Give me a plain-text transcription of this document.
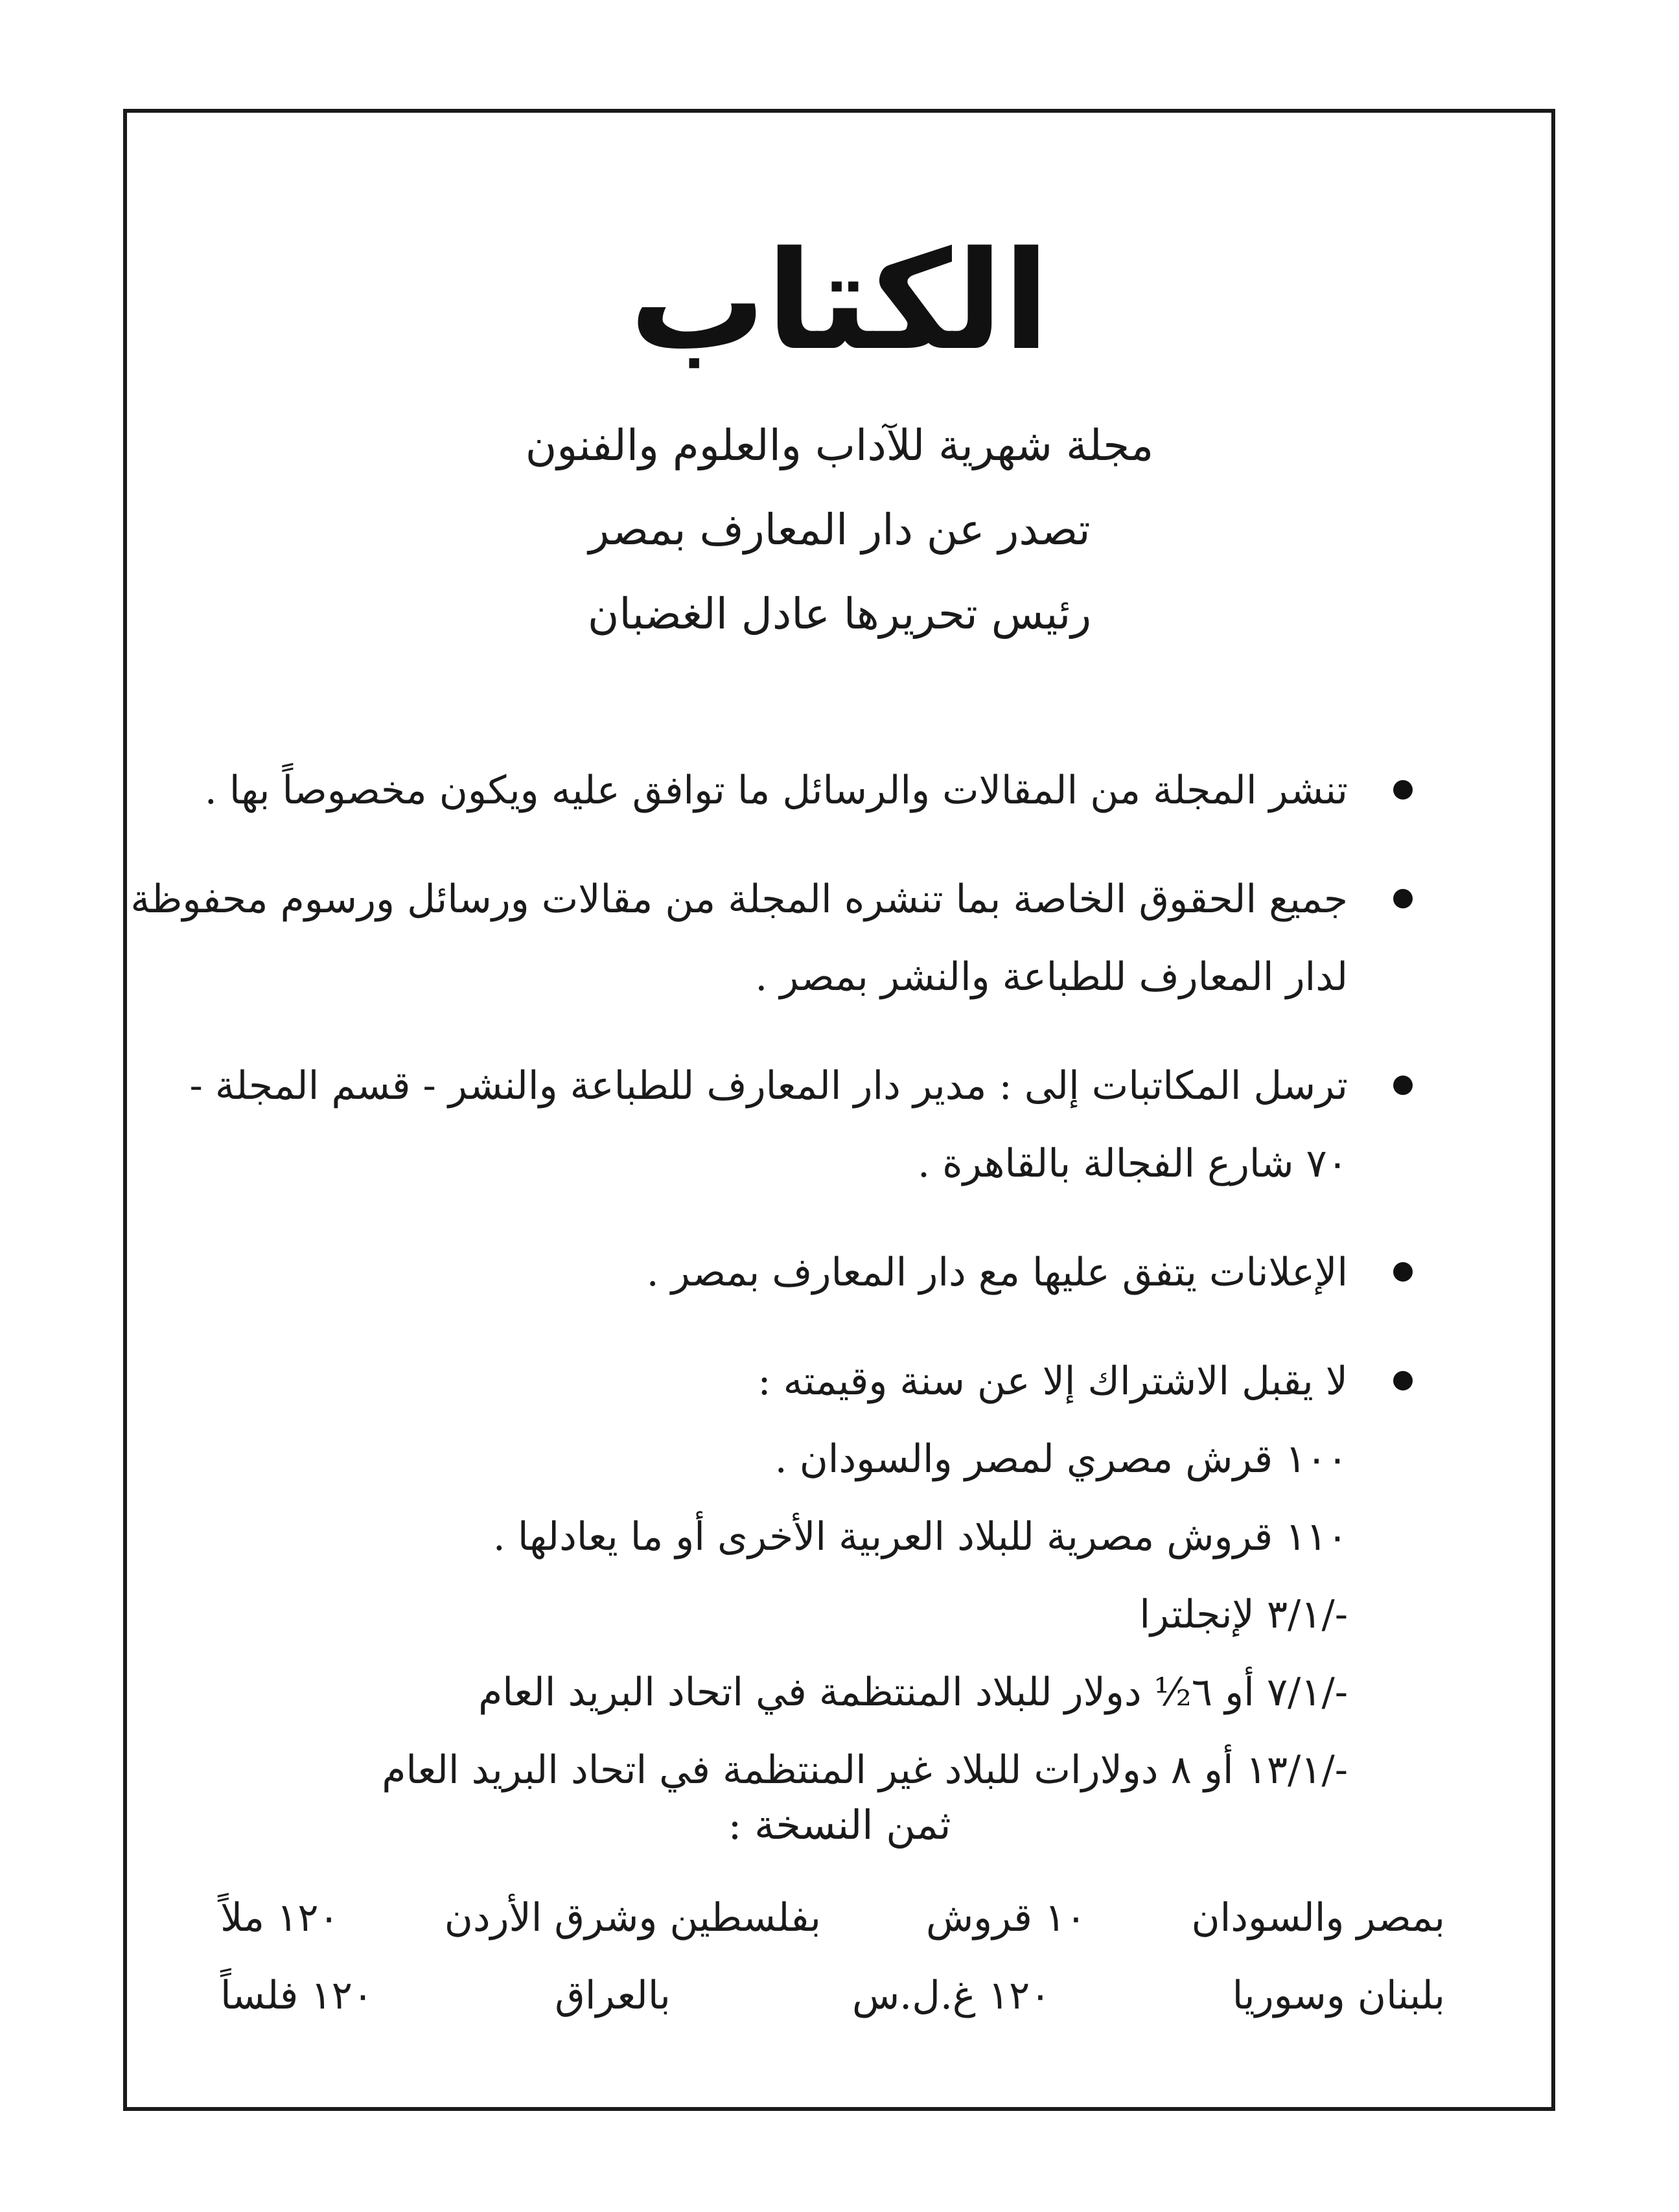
الكتاب
مجلة شهرية للآداب والعلوم والفنون
تصدر عن دار المعارف بمصر
رئيس تحريرها عادل الغضبان
تنشر المجلة من المقالات والرسائل ما توافق عليه ويكون مخصوصاً بها .
جميع الحقوق الخاصة بما تنشره المجلة من مقالات ورسائل ورسوم محفوظة
لدار المعارف للطباعة والنشر بمصر .
ترسل المكاتبات إلى : مدير دار المعارف للطباعة والنشر - قسم المجلة -
٧٠ شارع الفجالة بالقاهرة .
الإعلانات يتفق عليها مع دار المعارف بمصر .
لا يقبل الاشتراك إلا عن سنة وقيمته :
١٠٠ قرش مصري لمصر والسودان .
١١٠ قروش مصرية للبلاد العربية الأخرى أو ما يعادلها .
-/٣/١ لإنجلترا
-/٧/١ أو ٦½ دولار للبلاد المنتظمة في اتحاد البريد العام
-/١٣/١ أو ٨ دولارات للبلاد غير المنتظمة في اتحاد البريد العام
ثمن النسخة :
بمصر والسودان
١٠ قروش
بفلسطين وشرق الأردن
١٢٠ ملاً
بلبنان وسوريا
١٢٠ غ.ل.س
بالعراق
١٢٠ فلساً
